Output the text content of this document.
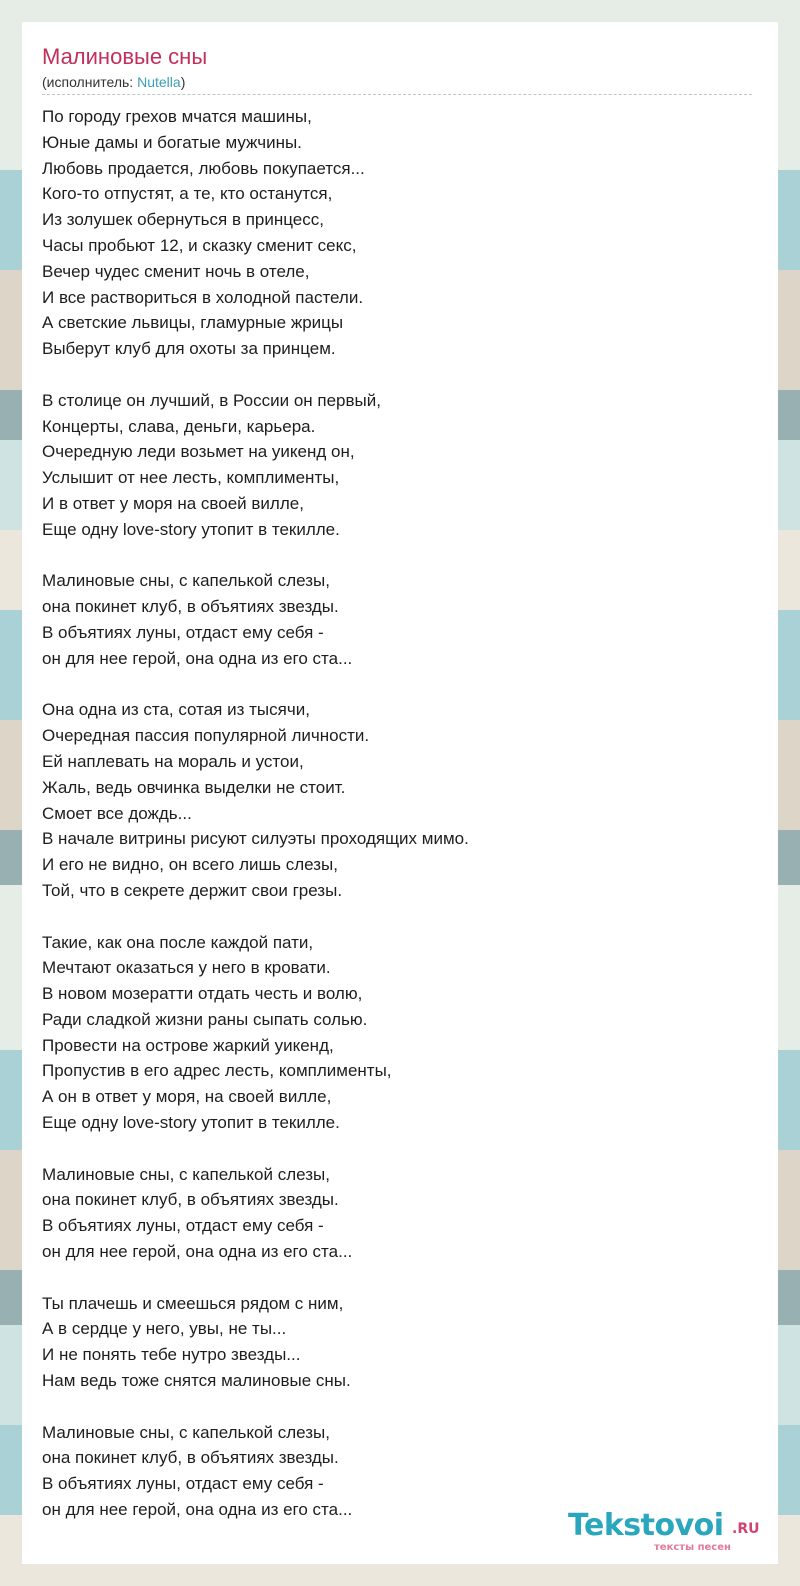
Малиновые сны
(исполнитель: Nutella)
По городу грехов мчатся машины,
Юные дамы и богатые мужчины.
Любовь продается, любовь покупается...
Кого-то отпустят, а те, кто останутся,
Из золушек обернуться в принцесс,
Часы пробьют 12, и сказку сменит секс,
Вечер чудес сменит ночь в отеле,
И все раствориться в холодной пастели.
А светские львицы, гламурные жрицы
Выберут клуб для охоты за принцем.
В столице он лучший, в России он первый,
Концерты, слава, деньги, карьера.
Очередную леди возьмет на уикенд он,
Услышит от нее лесть, комплименты,
И в ответ у моря на своей вилле,
Еще одну love-story утопит в текилле.
Малиновые сны, с капелькой слезы,
она покинет клуб, в объятиях звезды.
В объятиях луны, отдаст ему себя -
он для нее герой, она одна из его ста...
Она одна из ста, сотая из тысячи,
Очередная пассия популярной личности.
Ей наплевать на мораль и устои,
Жаль, ведь овчинка выделки не стоит.
Смоет все дождь...
В начале витрины рисуют силуэты проходящих мимо.
И его не видно, он всего лишь слезы,
Той, что в секрете держит свои грезы.
Такие, как она после каждой пати,
Мечтают оказаться у него в кровати.
В новом мозератти отдать честь и волю,
Ради сладкой жизни раны сыпать солью.
Провести на острове жаркий уикенд,
Пропустив в его адрес лесть, комплименты,
А он в ответ у моря, на своей вилле,
Еще одну love-story утопит в текилле.
Малиновые сны, с капелькой слезы,
она покинет клуб, в объятиях звезды.
В объятиях луны, отдаст ему себя -
он для нее герой, она одна из его ста...
Ты плачешь и смеешься рядом с ним,
А в сердце у него, увы, не ты...
И не понять тебе нутро звезды...
Нам ведь тоже снятся малиновые сны.
Малиновые сны, с капелькой слезы,
она покинет клуб, в объятиях звезды.
В объятиях луны, отдаст ему себя -
он для нее герой, она одна из его ста...	Tekstovoi .RU
тексты песен
